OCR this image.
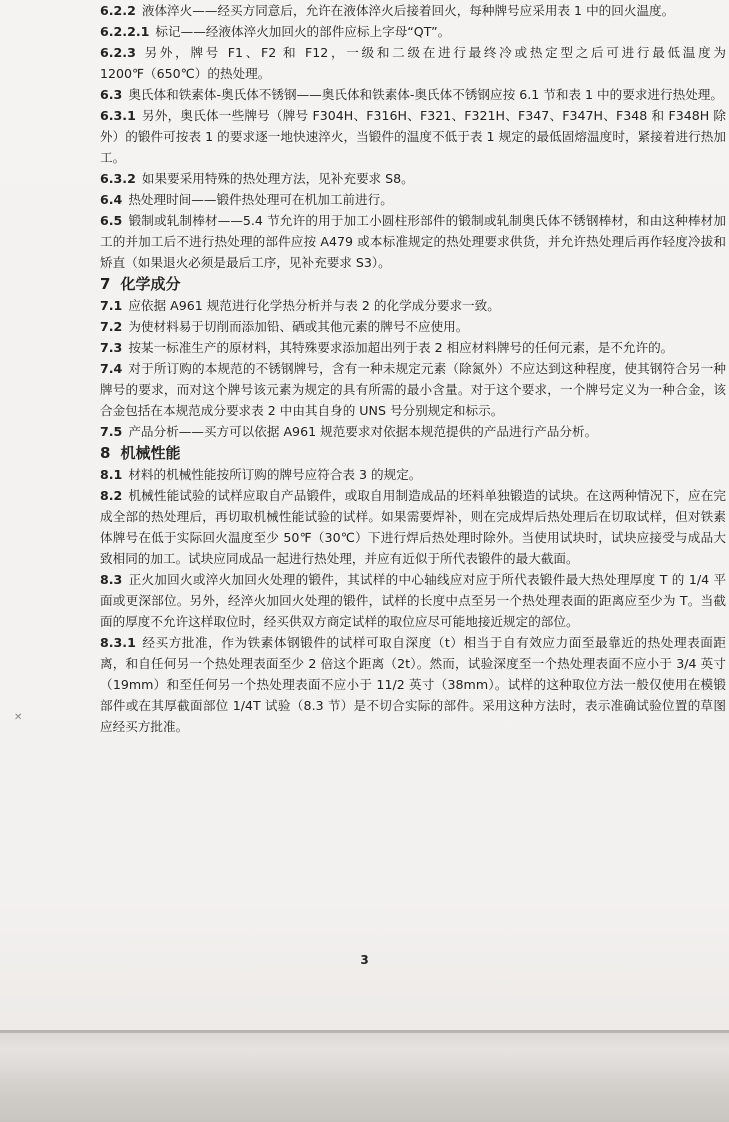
6.2.2 液体淬火——经买方同意后，允许在液体淬火后接着回火，每种牌号应采用表 1 中的回火温度。

6.2.2.1 标记——经液体淬火加回火的部件应标上字母“QT”。

6.2.3 另外，牌号 F1、F2 和 F12，一级和二级在进行最终冷或热定型之后可进行最低温度为 1200℉（650℃）的热处理。

6.3 奥氏体和铁素体-奥氏体不锈钢——奥氏体和铁素体-奥氏体不锈钢应按 6.1 节和表 1 中的要求进行热处理。

6.3.1 另外，奥氏体一些牌号（牌号 F304H、F316H、F321、F321H、F347、F347H、F348 和 F348H 除外）的锻件可按表 1 的要求逐一地快速淬火，当锻件的温度不低于表 1 规定的最低固熔温度时，紧接着进行热加工。

6.3.2 如果要采用特殊的热处理方法，见补充要求 S8。

6.4 热处理时间——锻件热处理可在机加工前进行。

6.5 锻制或轧制棒材——5.4 节允许的用于加工小圆柱形部件的锻制或轧制奥氏体不锈钢棒材，和由这种棒材加工的并加工后不进行热处理的部件应按 A479 或本标准规定的热处理要求供货，并允许热处理后再作轻度冷拔和矫直（如果退火必须是最后工序，见补充要求 S3）。

7 化学成分

7.1 应依据 A961 规范进行化学热分析并与表 2 的化学成分要求一致。

7.2 为使材料易于切削而添加铅、硒或其他元素的牌号不应使用。

7.3 按某一标准生产的原材料，其特殊要求添加超出列于表 2 相应材料牌号的任何元素，是不允许的。

7.4 对于所订购的本规范的不锈钢牌号，含有一种未规定元素（除氮外）不应达到这种程度，使其钢符合另一种牌号的要求，而对这个牌号该元素为规定的具有所需的最小含量。对于这个要求，一个牌号定义为一种合金，该合金包括在本规范成分要求表 2 中由其自身的 UNS 号分别规定和标示。

7.5 产品分析——买方可以依据 A961 规范要求对依据本规范提供的产品进行产品分析。

8 机械性能

8.1 材料的机械性能按所订购的牌号应符合表 3 的规定。

8.2 机械性能试验的试样应取自产品锻件，或取自用制造成品的坯料单独锻造的试块。在这两种情况下，应在完成全部的热处理后，再切取机械性能试验的试样。如果需要焊补，则在完成焊后热处理后在切取试样，但对铁素体牌号在低于实际回火温度至少 50℉（30℃）下进行焊后热处理时除外。当使用试块时，试块应接受与成品大致相同的加工。试块应同成品一起进行热处理，并应有近似于所代表锻件的最大截面。

8.3 正火加回火或淬火加回火处理的锻件，其试样的中心轴线应对应于所代表锻件最大热处理厚度 T 的 1/4 平面或更深部位。另外，经淬火加回火处理的锻件，试样的长度中点至另一个热处理表面的距离应至少为 T。当截面的厚度不允许这样取位时，经买供双方商定试样的取位应尽可能地接近规定的部位。

8.3.1 经买方批准，作为铁素体钢锻件的试样可取自深度（t）相当于自有效应力面至最靠近的热处理表面距离，和自任何另一个热处理表面至少 2 倍这个距离（2t）。然而，试验深度至一个热处理表面不应小于 3/4 英寸（19mm）和至任何另一个热处理表面不应小于 11/2 英寸（38mm）。试样的这种取位方法一般仅使用在模锻部件或在其厚截面部位 1/4T 试验（8.3 节）是不切合实际的部件。采用这种方法时，表示准确试验位置的草图应经买方批准。

3
✕
